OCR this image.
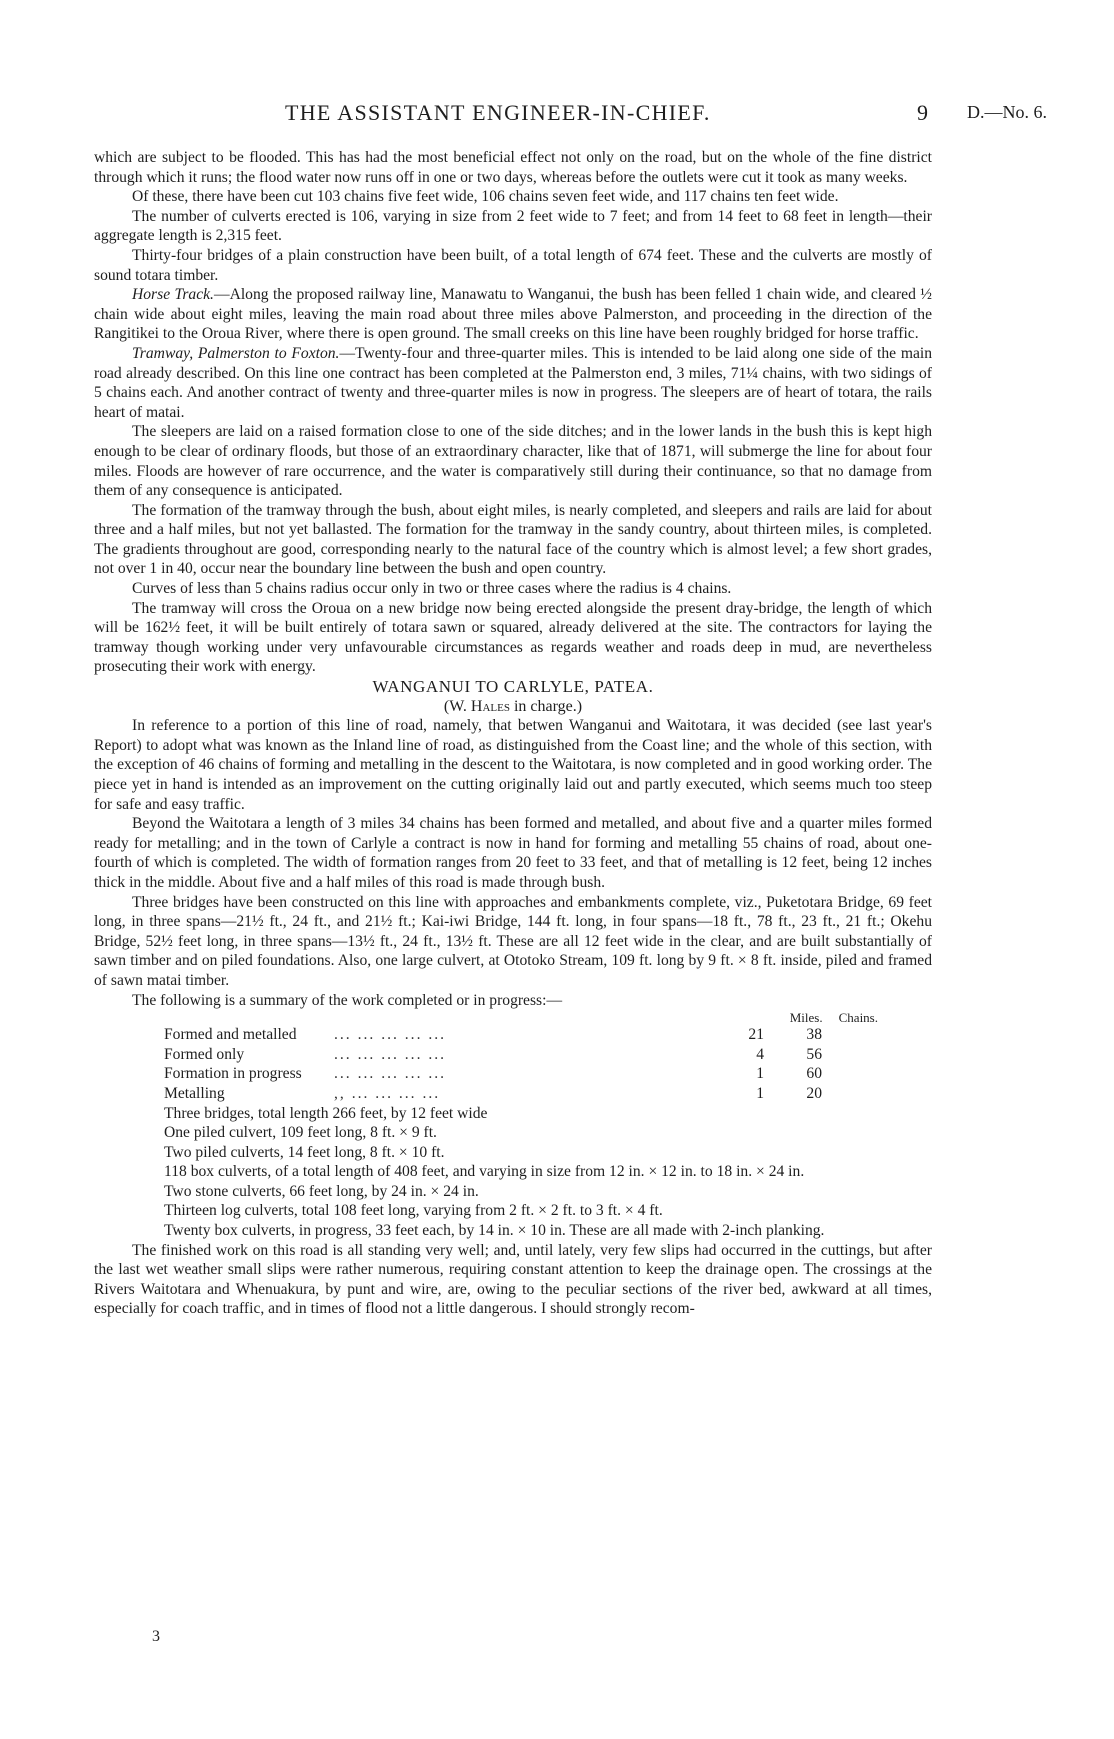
THE ASSISTANT ENGINEER-IN-CHIEF.	9 D.—No. 6.

which are subject to be flooded. This has had the most beneficial effect not only on the road, but on the whole of the fine district through which it runs; the flood water now runs off in one or two days, whereas before the outlets were cut it took as many weeks.

Of these, there have been cut 103 chains five feet wide, 106 chains seven feet wide, and 117 chains ten feet wide.

The number of culverts erected is 106, varying in size from 2 feet wide to 7 feet; and from 14 feet to 68 feet in length—their aggregate length is 2,315 feet.

Thirty-four bridges of a plain construction have been built, of a total length of 674 feet. These and the culverts are mostly of sound totara timber.

Horse Track.—Along the proposed railway line, Manawatu to Wanganui, the bush has been felled 1 chain wide, and cleared ½ chain wide about eight miles, leaving the main road about three miles above Palmerston, and proceeding in the direction of the Rangitikei to the Oroua River, where there is open ground. The small creeks on this line have been roughly bridged for horse traffic.

Tramway, Palmerston to Foxton.—Twenty-four and three-quarter miles. This is intended to be laid along one side of the main road already described. On this line one contract has been completed at the Palmerston end, 3 miles, 71¼ chains, with two sidings of 5 chains each. And another contract of twenty and three-quarter miles is now in progress. The sleepers are of heart of totara, the rails heart of matai.

The sleepers are laid on a raised formation close to one of the side ditches; and in the lower lands in the bush this is kept high enough to be clear of ordinary floods, but those of an extraordinary character, like that of 1871, will submerge the line for about four miles. Floods are however of rare occurrence, and the water is comparatively still during their continuance, so that no damage from them of any consequence is anticipated.

The formation of the tramway through the bush, about eight miles, is nearly completed, and sleepers and rails are laid for about three and a half miles, but not yet ballasted. The formation for the tramway in the sandy country, about thirteen miles, is completed. The gradients throughout are good, corresponding nearly to the natural face of the country which is almost level; a few short grades, not over 1 in 40, occur near the boundary line between the bush and open country.

Curves of less than 5 chains radius occur only in two or three cases where the radius is 4 chains.

The tramway will cross the Oroua on a new bridge now being erected alongside the present dray-bridge, the length of which will be 162½ feet, it will be built entirely of totara sawn or squared, already delivered at the site. The contractors for laying the tramway though working under very unfavourable circumstances as regards weather and roads deep in mud, are nevertheless prosecuting their work with energy.

WANGANUI TO CARLYLE, PATEA.

(W. Hales in charge.)

In reference to a portion of this line of road, namely, that betwen Wanganui and Waitotara, it was decided (see last year's Report) to adopt what was known as the Inland line of road, as distinguished from the Coast line; and the whole of this section, with the exception of 46 chains of forming and metalling in the descent to the Waitotara, is now completed and in good working order. The piece yet in hand is intended as an improvement on the cutting originally laid out and partly executed, which seems much too steep for safe and easy traffic.

Beyond the Waitotara a length of 3 miles 34 chains has been formed and metalled, and about five and a quarter miles formed ready for metalling; and in the town of Carlyle a contract is now in hand for forming and metalling 55 chains of road, about one-fourth of which is completed. The width of formation ranges from 20 feet to 33 feet, and that of metalling is 12 feet, being 12 inches thick in the middle. About five and a half miles of this road is made through bush.

Three bridges have been constructed on this line with approaches and embankments complete, viz., Puketotara Bridge, 69 feet long, in three spans—21½ ft., 24 ft., and 21½ ft.; Kai-iwi Bridge, 144 ft. long, in four spans—18 ft., 78 ft., 23 ft., 21 ft.; Okehu Bridge, 52½ feet long, in three spans—13½ ft., 24 ft., 13½ ft. These are all 12 feet wide in the clear, and are built substantially of sawn timber and on piled foundations. Also, one large culvert, at Ototoko Stream, 109 ft. long by 9 ft. × 8 ft. inside, piled and framed of sawn matai timber.

The following is a summary of the work completed or in progress:—

Miles. Chains.
Formed and metalled	... ... ... ... ...	21	38
Formed only	... ... ... ... ...	4	56
Formation in progress	... ... ... ... ...	1	60
Metalling	,, ... ... ... ...	1	20

Three bridges, total length 266 feet, by 12 feet wide

One piled culvert, 109 feet long, 8 ft. × 9 ft.

Two piled culverts, 14 feet long, 8 ft. × 10 ft.

118 box culverts, of a total length of 408 feet, and varying in size from 12 in. × 12 in. to 18 in. × 24 in.

Two stone culverts, 66 feet long, by 24 in. × 24 in.

Thirteen log culverts, total 108 feet long, varying from 2 ft. × 2 ft. to 3 ft. × 4 ft.

Twenty box culverts, in progress, 33 feet each, by 14 in. × 10 in. These are all made with 2-inch planking.

The finished work on this road is all standing very well; and, until lately, very few slips had occurred in the cuttings, but after the last wet weather small slips were rather numerous, requiring constant attention to keep the drainage open. The crossings at the Rivers Waitotara and Whenuakura, by punt and wire, are, owing to the peculiar sections of the river bed, awkward at all times, especially for coach traffic, and in times of flood not a little dangerous. I should strongly recom-

3
